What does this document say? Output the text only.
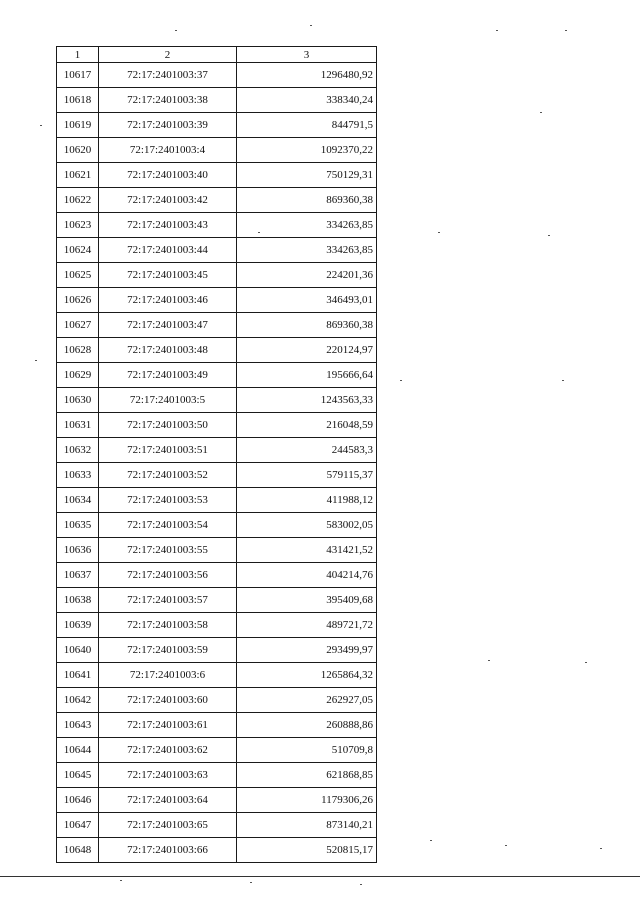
1	2	3
10617	72:17:2401003:37	1296480,92
10618	72:17:2401003:38	338340,24
10619	72:17:2401003:39	844791,5
10620	72:17:2401003:4	1092370,22
10621	72:17:2401003:40	750129,31
10622	72:17:2401003:42	869360,38
10623	72:17:2401003:43	334263,85
10624	72:17:2401003:44	334263,85
10625	72:17:2401003:45	224201,36
10626	72:17:2401003:46	346493,01
10627	72:17:2401003:47	869360,38
10628	72:17:2401003:48	220124,97
10629	72:17:2401003:49	195666,64
10630	72:17:2401003:5	1243563,33
10631	72:17:2401003:50	216048,59
10632	72:17:2401003:51	244583,3
10633	72:17:2401003:52	579115,37
10634	72:17:2401003:53	411988,12
10635	72:17:2401003:54	583002,05
10636	72:17:2401003:55	431421,52
10637	72:17:2401003:56	404214,76
10638	72:17:2401003:57	395409,68
10639	72:17:2401003:58	489721,72
10640	72:17:2401003:59	293499,97
10641	72:17:2401003:6	1265864,32
10642	72:17:2401003:60	262927,05
10643	72:17:2401003:61	260888,86
10644	72:17:2401003:62	510709,8
10645	72:17:2401003:63	621868,85
10646	72:17:2401003:64	1179306,26
10647	72:17:2401003:65	873140,21
10648	72:17:2401003:66	520815,17
